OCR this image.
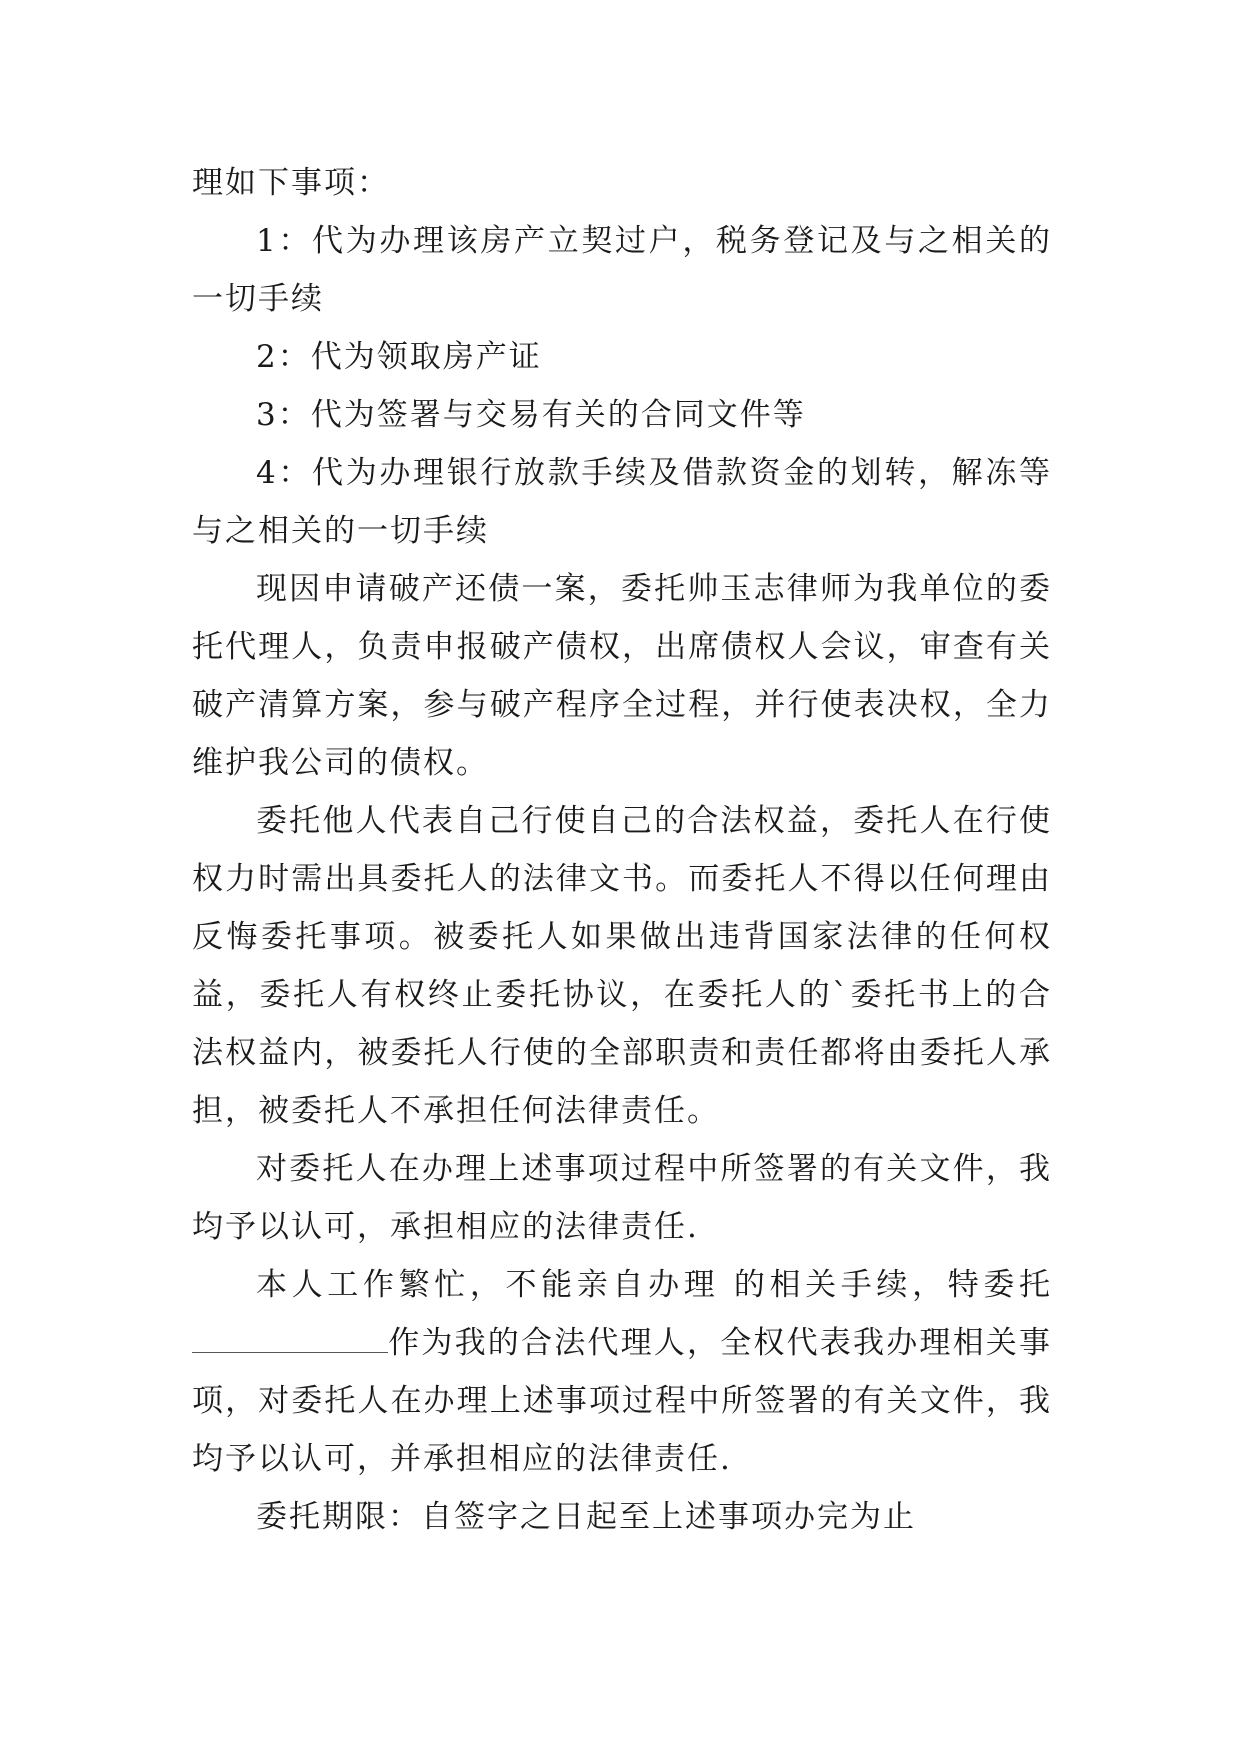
理如下事项：

1：代为办理该房产立契过户，税务登记及与之相关的一切手续

2：代为领取房产证

3：代为签署与交易有关的合同文件等

4：代为办理银行放款手续及借款资金的划转，解冻等与之相关的一切手续

现因申请破产还债一案，委托帅玉志律师为我单位的委托代理人，负责申报破产债权，出席债权人会议，审查有关破产清算方案，参与破产程序全过程，并行使表决权，全力维护我公司的债权。

委托他人代表自己行使自己的合法权益，委托人在行使权力时需出具委托人的法律文书。而委托人不得以任何理由反悔委托事项。被委托人如果做出违背国家法律的任何权益，委托人有权终止委托协议，在委托人的`委托书上的合法权益内，被委托人行使的全部职责和责任都将由委托人承担，被委托人不承担任何法律责任。

对委托人在办理上述事项过程中所签署的有关文件，我均予以认可，承担相应的法律责任.

本人工作繁忙，不能亲自办理 的相关手续，特委托作为我的合法代理人，全权代表我办理相关事项，对委托人在办理上述事项过程中所签署的有关文件，我均予以认可，并承担相应的法律责任.

委托期限：自签字之日起至上述事项办完为止
